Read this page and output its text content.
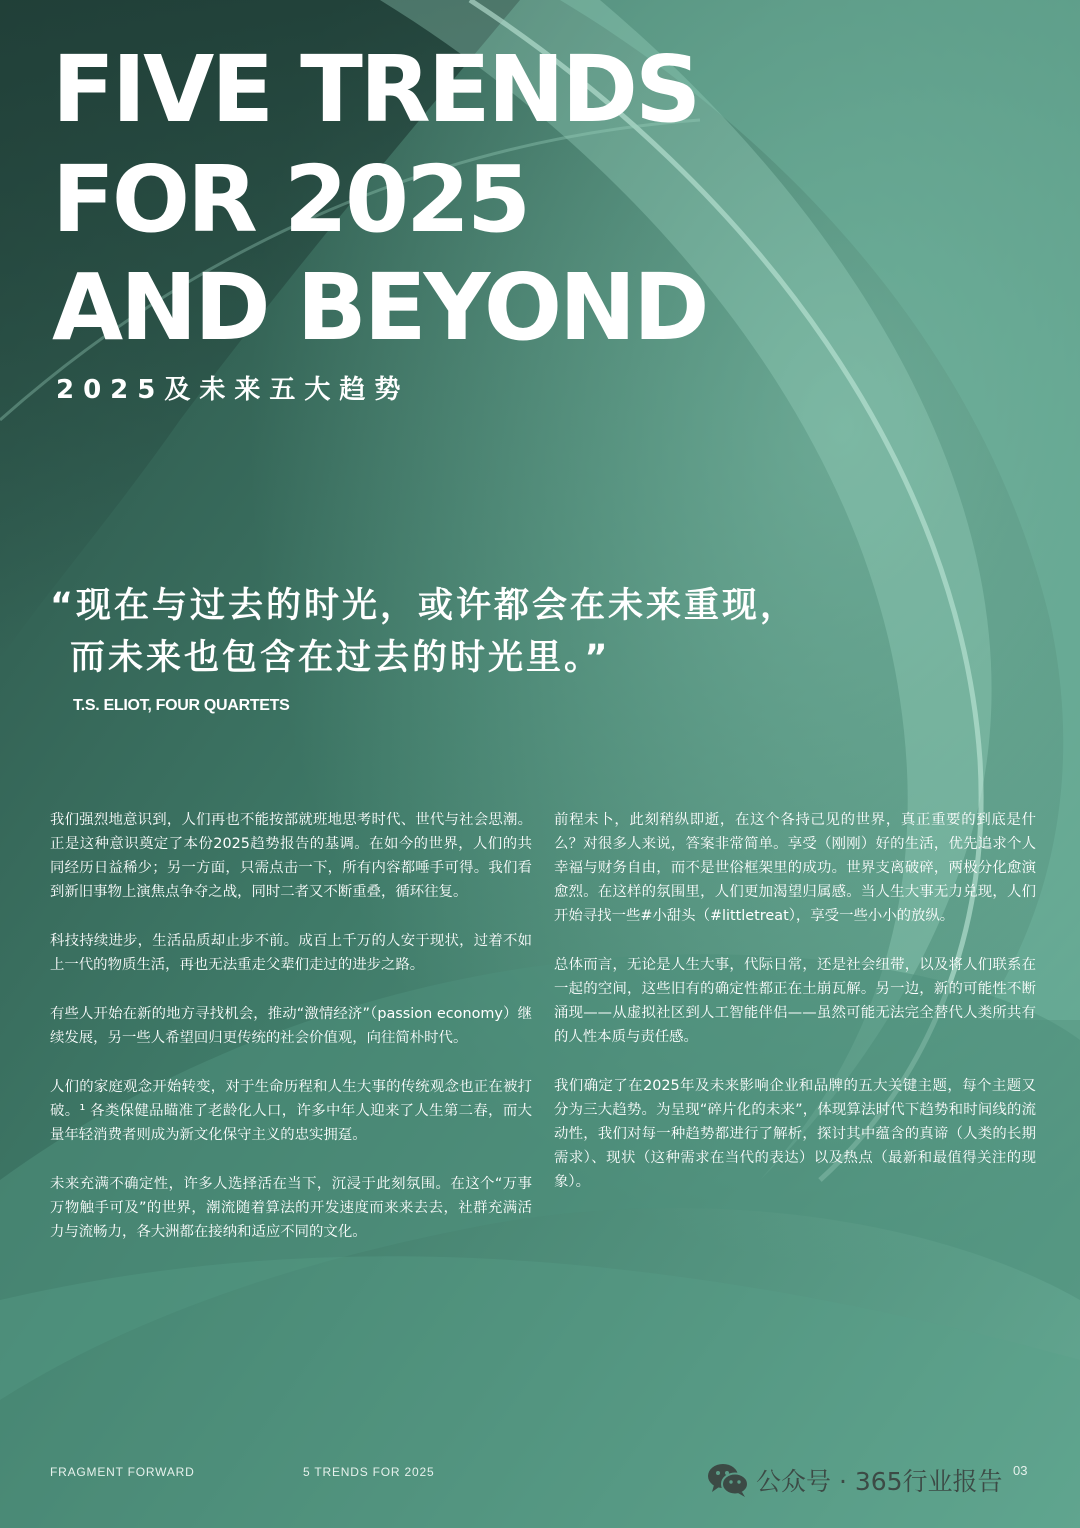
FIVE TRENDS
FOR 2025
AND BEYOND
2025及未来五大趋势
“现在与过去的时光，或许都会在未来重现，
而未来也包含在过去的时光里。”
T.S. ELIOT, FOUR QUARTETS

我们强烈地意识到，人们再也不能按部就班地思考时代、世代与社会思潮。正是这种意识奠定了本份2025趋势报告的基调。在如今的世界，人们的共同经历日益稀少；另一方面，只需点击一下，所有内容都唾手可得。我们看到新旧事物上演焦点争夺之战，同时二者又不断重叠，循环往复。

科技持续进步，生活品质却止步不前。成百上千万的人安于现状，过着不如上一代的物质生活，再也无法重走父辈们走过的进步之路。

有些人开始在新的地方寻找机会，推动“激情经济”（passion economy）继续发展，另一些人希望回归更传统的社会价值观，向往简朴时代。

人们的家庭观念开始转变，对于生命历程和人生大事的传统观念也正在被打破。¹ 各类保健品瞄准了老龄化人口，许多中年人迎来了人生第二春，而大量年轻消费者则成为新文化保守主义的忠实拥趸。

未来充满不确定性，许多人选择活在当下，沉浸于此刻氛围。在这个“万事万物触手可及”的世界，潮流随着算法的开发速度而来来去去，社群充满活力与流畅力，各大洲都在接纳和适应不同的文化。

前程未卜，此刻稍纵即逝，在这个各持己见的世界，真正重要的到底是什么？对很多人来说，答案非常简单。享受（刚刚）好的生活，优先追求个人幸福与财务自由，而不是世俗框架里的成功。世界支离破碎，两极分化愈演愈烈。在这样的氛围里，人们更加渴望归属感。当人生大事无力兑现，人们开始寻找一些#小甜头（#littletreat），享受一些小小的放纵。

总体而言，无论是人生大事，代际日常，还是社会纽带，以及将人们联系在一起的空间，这些旧有的确定性都正在土崩瓦解。另一边，新的可能性不断涌现——从虚拟社区到人工智能伴侣——虽然可能无法完全替代人类所共有的人性本质与责任感。

我们确定了在2025年及未来影响企业和品牌的五大关键主题，每个主题又分为三大趋势。为呈现“碎片化的未来”，体现算法时代下趋势和时间线的流动性，我们对每一种趋势都进行了解析，探讨其中蕴含的真谛（人类的长期需求）、现状（这种需求在当代的表达）以及热点（最新和最值得关注的现象）。

FRAGMENT FORWARD	5 TRENDS FOR 2025	03
公众号 · 365行业报告
